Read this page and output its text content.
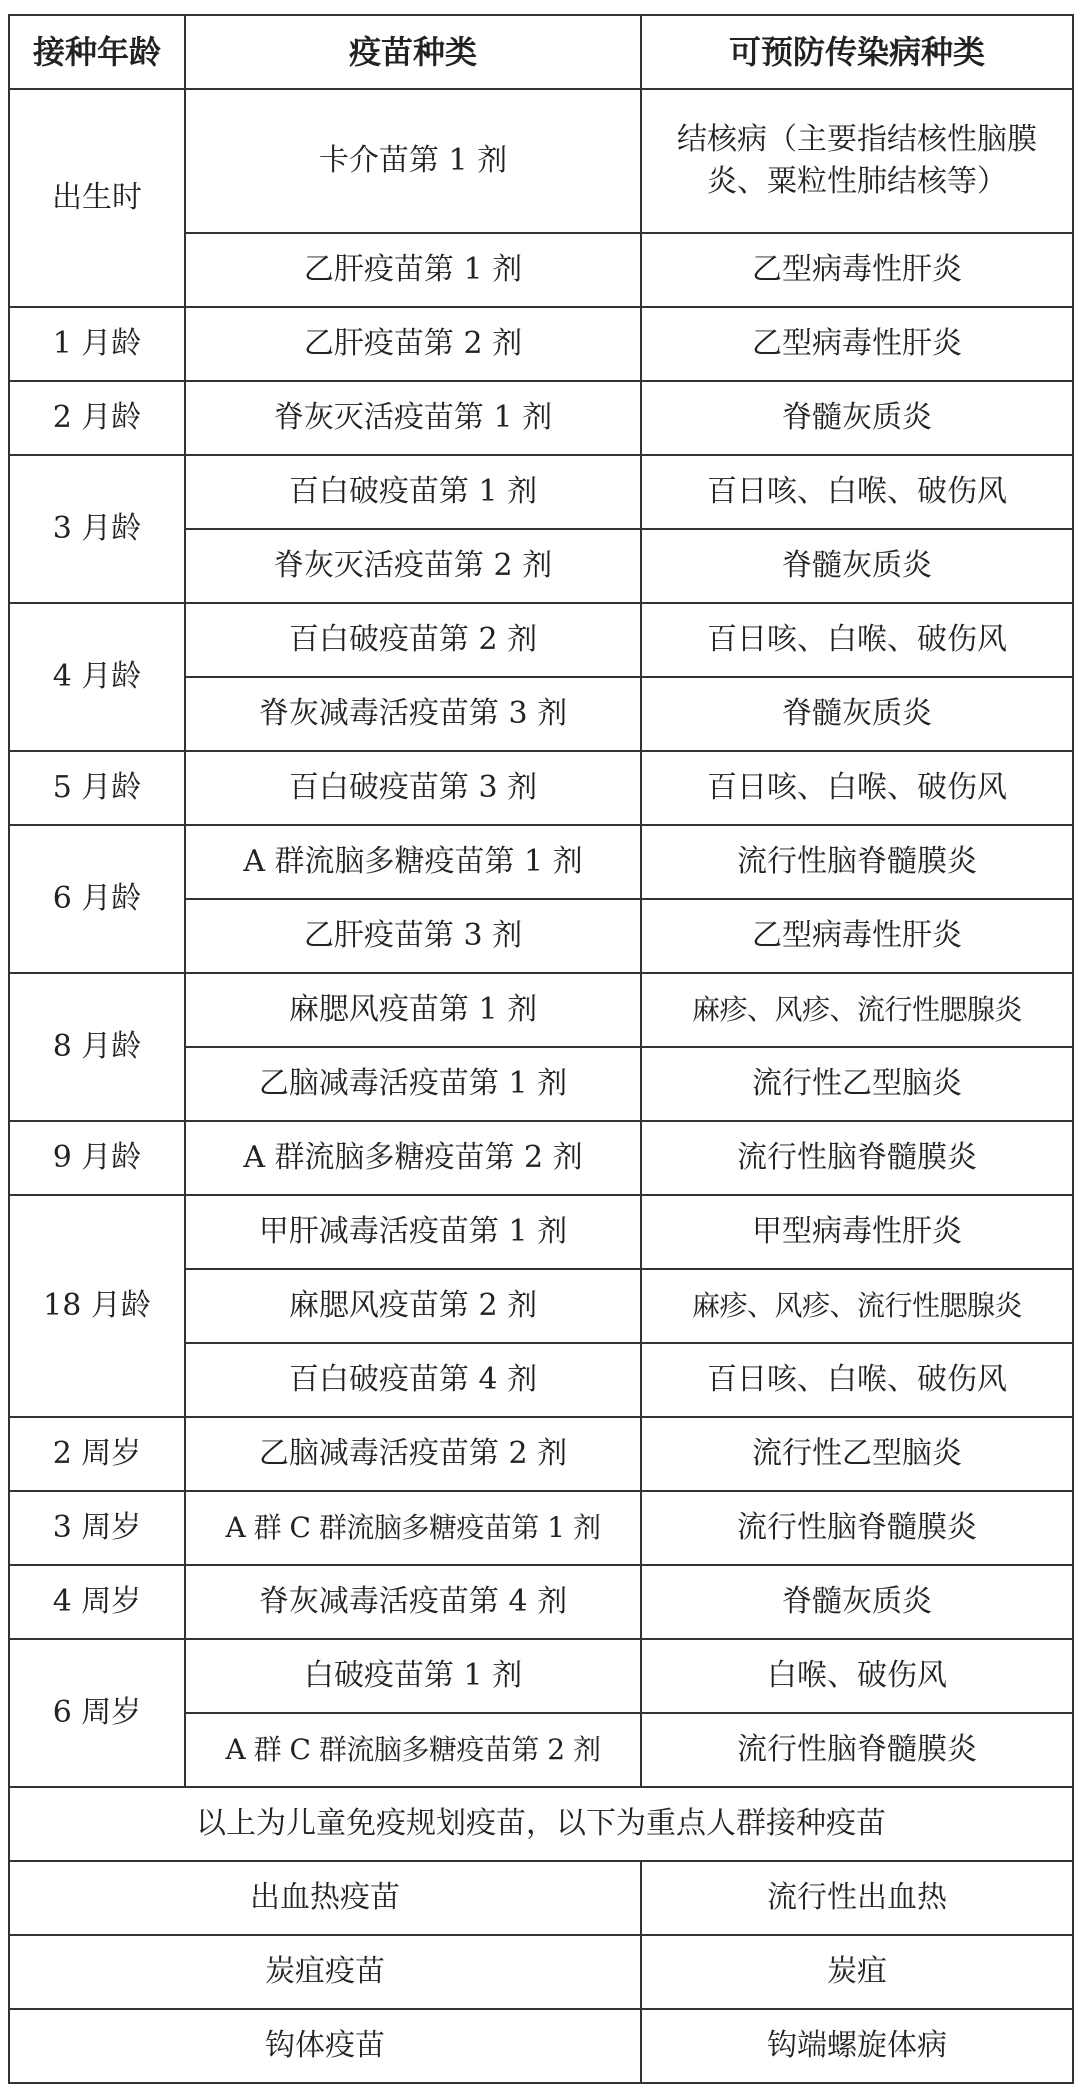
接种年龄	疫苗种类	可预防传染病种类
出生时	卡介苗第 1 剂	结核病（主要指结核性脑膜炎、粟粒性肺结核等）
	乙肝疫苗第 1 剂	乙型病毒性肝炎
1 月龄	乙肝疫苗第 2 剂	乙型病毒性肝炎
2 月龄	脊灰灭活疫苗第 1 剂	脊髓灰质炎
3 月龄	百白破疫苗第 1 剂	百日咳、白喉、破伤风
	脊灰灭活疫苗第 2 剂	脊髓灰质炎
4 月龄	百白破疫苗第 2 剂	百日咳、白喉、破伤风
	脊灰减毒活疫苗第 3 剂	脊髓灰质炎
5 月龄	百白破疫苗第 3 剂	百日咳、白喉、破伤风
6 月龄	A 群流脑多糖疫苗第 1 剂	流行性脑脊髓膜炎
	乙肝疫苗第 3 剂	乙型病毒性肝炎
8 月龄	麻腮风疫苗第 1 剂	麻疹、风疹、流行性腮腺炎
	乙脑减毒活疫苗第 1 剂	流行性乙型脑炎
9 月龄	A 群流脑多糖疫苗第 2 剂	流行性脑脊髓膜炎
18 月龄	甲肝减毒活疫苗第 1 剂	甲型病毒性肝炎
	麻腮风疫苗第 2 剂	麻疹、风疹、流行性腮腺炎
	百白破疫苗第 4 剂	百日咳、白喉、破伤风
2 周岁	乙脑减毒活疫苗第 2 剂	流行性乙型脑炎
3 周岁	A 群 C 群流脑多糖疫苗第 1 剂	流行性脑脊髓膜炎
4 周岁	脊灰减毒活疫苗第 4 剂	脊髓灰质炎
6 周岁	白破疫苗第 1 剂	白喉、破伤风
	A 群 C 群流脑多糖疫苗第 2 剂	流行性脑脊髓膜炎
以上为儿童免疫规划疫苗，以下为重点人群接种疫苗		
出血热疫苗		流行性出血热
炭疽疫苗		炭疽
钩体疫苗		钩端螺旋体病
